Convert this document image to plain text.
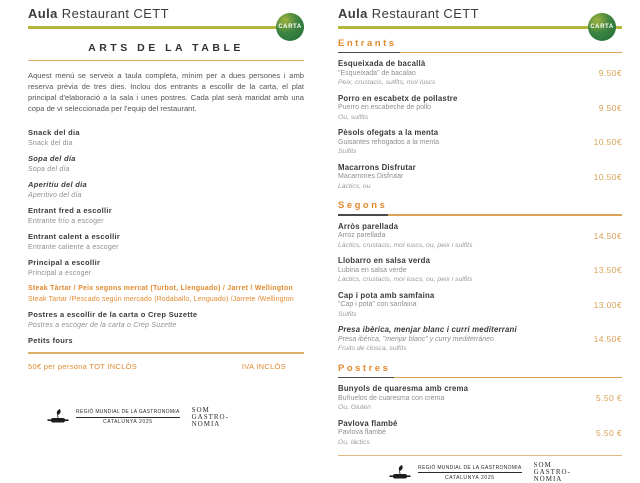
Aula Restaurant CETT
CARTA
ARTS DE LA TABLE
Aquest menú se serveix a taula completa, mínim per a dues persones i amb reserva prèvia de tres dies. Inclou dos entrants a escollir de la carta, el plat principal d'elaboració a la sala i unes postres. Cada plat serà maridat amb una copa de vi seleccionada per l'equip del restaurant.
Snack del dia
Snack del dia
Sopa del día
Sopa del día
Aperitiu del dia
Aperitivo del día
Entrant fred a escollir
Entrante frío a escoger
Entrant calent a escollir
Entrante caliente a escoger
Principal a escollir
Principal a escoger
Steak Tàrtar / Peix segons mercat (Turbot, Llenguado) / Jarret / Wellington
Steak Tartar /Pescado según mercado (Rodaballo, Lenguado) /Jarrete /Wellington
Postres a escollir de la carta o Crep Suzette
Postres a escoger de la carta o Crep Suzette
Petits fours
50€ per persona TOT INCLÒS	IVA INCLÒS
REGIÓ MUNDIAL DE LA GASTRONOMIA
CATALUNYA 2025
SOM
GASTRO-
NOMIA
Aula Restaurant CETT
CARTA
Entrants
Esqueixada de bacallà
"Esqueixada" de bacalao
Peix, crustacis, sulfits, mol·luscs
9.50€
Porro en escabetx de pollastre
Puerro en escabeche de pollo
Ou, sulfits
9.50€
Pèsols ofegats a la menta
Guisantes rehogados a la menta
Sulfits
10.50€
Macarrons Disfrutar
Macarrones Disfrutar
Làctics, ou
10.50€
Segons
Arròs parellada
Arroz parellada
Làctics, crustacis, mol·luscs, ou, peix i sulfits
14.50€
Llobarro en salsa verda
Lubina en salsa verde
Làctics, crustacis, mol·luscs, ou, peix i sulfits
13.50€
Cap i pota amb samfaina
"Cap i pota" con sanfaina
Sulfits
13.00€
Presa ibèrica, menjar blanc i curri mediterrani
Presa ibérica, "menjar blanc" y curry mediterráneo
Fruits de closca, sulfits
14.50€
Postres
Bunyols de quaresma amb crema
Buñuelos de cuaresma con crema
Ou, Gluten
5.50 €
Pavlova flambé
Pavlova flambé
Ou, làctics
5.50 €
REGIÓ MUNDIAL DE LA GASTRONOMIA
CATALUNYA 2025
SOM
GASTRO-
NOMIA
